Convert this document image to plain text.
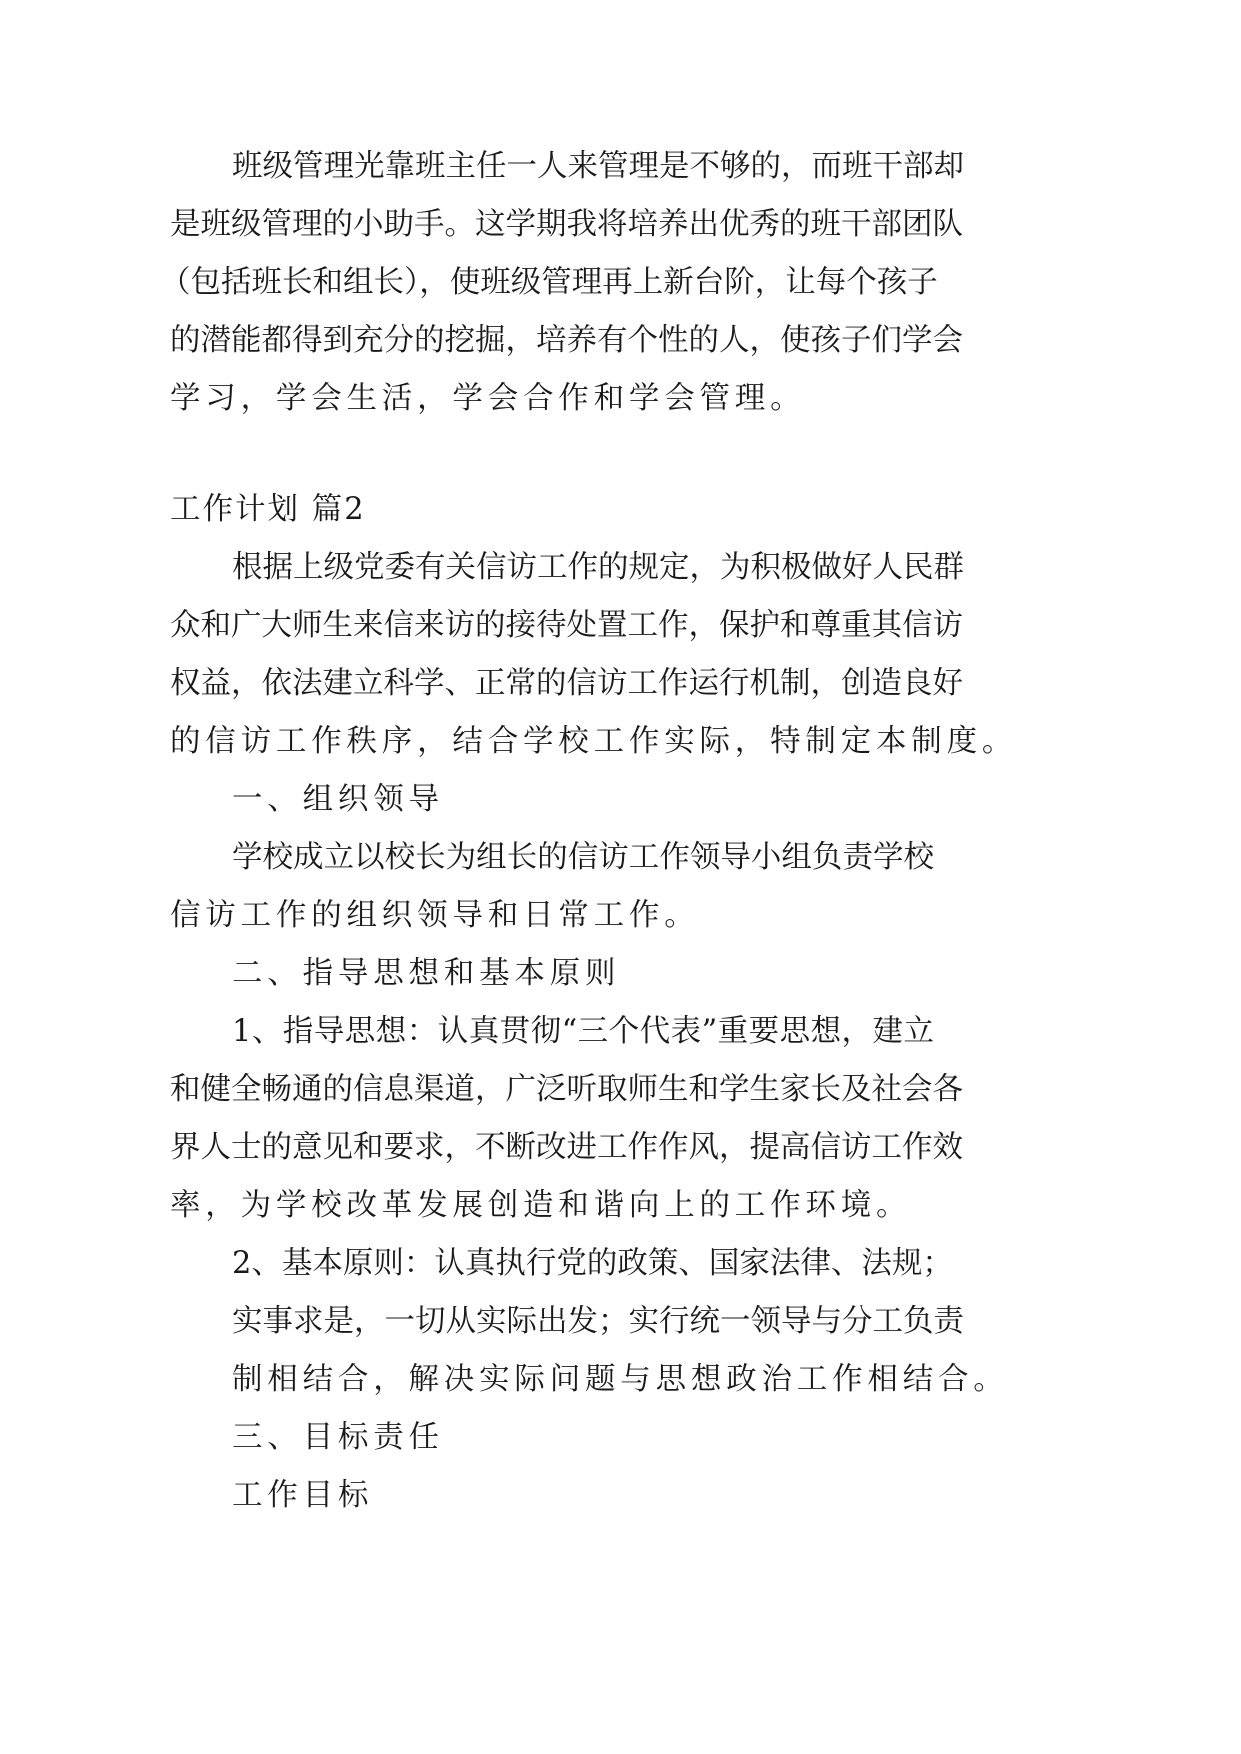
班级管理光靠班主任一人来管理是不够的，而班干部却
是班级管理的小助手。这学期我将培养出优秀的班干部团队
（包括班长和组长），使班级管理再上新台阶，让每个孩子
的潜能都得到充分的挖掘，培养有个性的人，使孩子们学会
学习，学会生活，学会合作和学会管理。
工作计划 篇2
根据上级党委有关信访工作的规定，为积极做好人民群
众和广大师生来信来访的接待处置工作，保护和尊重其信访
权益，依法建立科学、正常的信访工作运行机制，创造良好
的信访工作秩序，结合学校工作实际，特制定本制度。
一、组织领导
学校成立以校长为组长的信访工作领导小组负责学校
信访工作的组织领导和日常工作。
二、指导思想和基本原则
1、指导思想：认真贯彻“三个代表”重要思想，建立
和健全畅通的信息渠道，广泛听取师生和学生家长及社会各
界人士的意见和要求，不断改进工作作风，提高信访工作效
率，为学校改革发展创造和谐向上的工作环境。
2、基本原则：认真执行党的政策、国家法律、法规；
实事求是，一切从实际出发；实行统一领导与分工负责
制相结合，解决实际问题与思想政治工作相结合。
三、目标责任
工作目标
